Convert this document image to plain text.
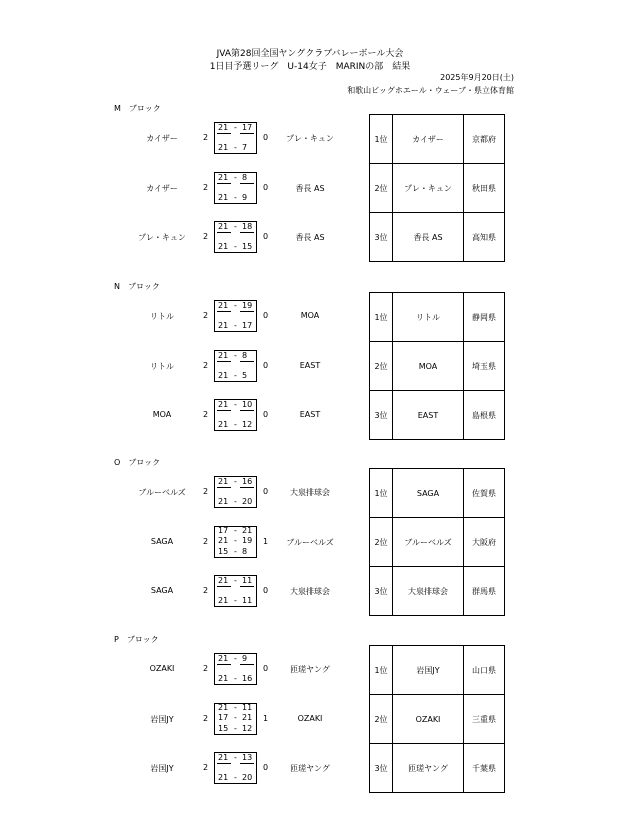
JVA第28回全国ヤングクラブバレーボール大会
1日目予選リーグ　U-14女子　MARINの部　結果
2025年9月20日(土)
和歌山ビッグホエール・ウェーブ・県立体育館
M　ブロック
カイザー	2	0	プレ・キュン
21 - 17
21 - 7
カイザー	2	0	香長 AS
21 - 8
21 - 9
プレ・キュン	2	0	香長 AS
21 - 18
21 - 15
1位	カイザー	京都府
2位	プレ・キュン	秋田県
3位	香長 AS	高知県
N　ブロック
リトル	2	0	MOA
21 - 19
21 - 17
リトル	2	0	EAST
21 - 8
21 - 5
MOA	2	0	EAST
21 - 10
21 - 12
1位	リトル	静岡県
2位	MOA	埼玉県
3位	EAST	島根県
O　ブロック
ブルーベルズ	2	0	大泉排球会
21 - 16
21 - 20
SAGA	2	1	ブルーベルズ
17 - 21
21 - 19
15 - 8
SAGA	2	0	大泉排球会
21 - 11
21 - 11
1位	SAGA	佐賀県
2位	ブルーベルズ	大阪府
3位	大泉排球会	群馬県
P　ブロック
OZAKI	2	0	匝瑳ヤング
21 - 9
21 - 16
岩国JY	2	1	OZAKI
21 - 11
17 - 21
15 - 12
岩国JY	2	0	匝瑳ヤング
21 - 13
21 - 20
1位	岩国JY	山口県
2位	OZAKI	三重県
3位	匝瑳ヤング	千葉県
